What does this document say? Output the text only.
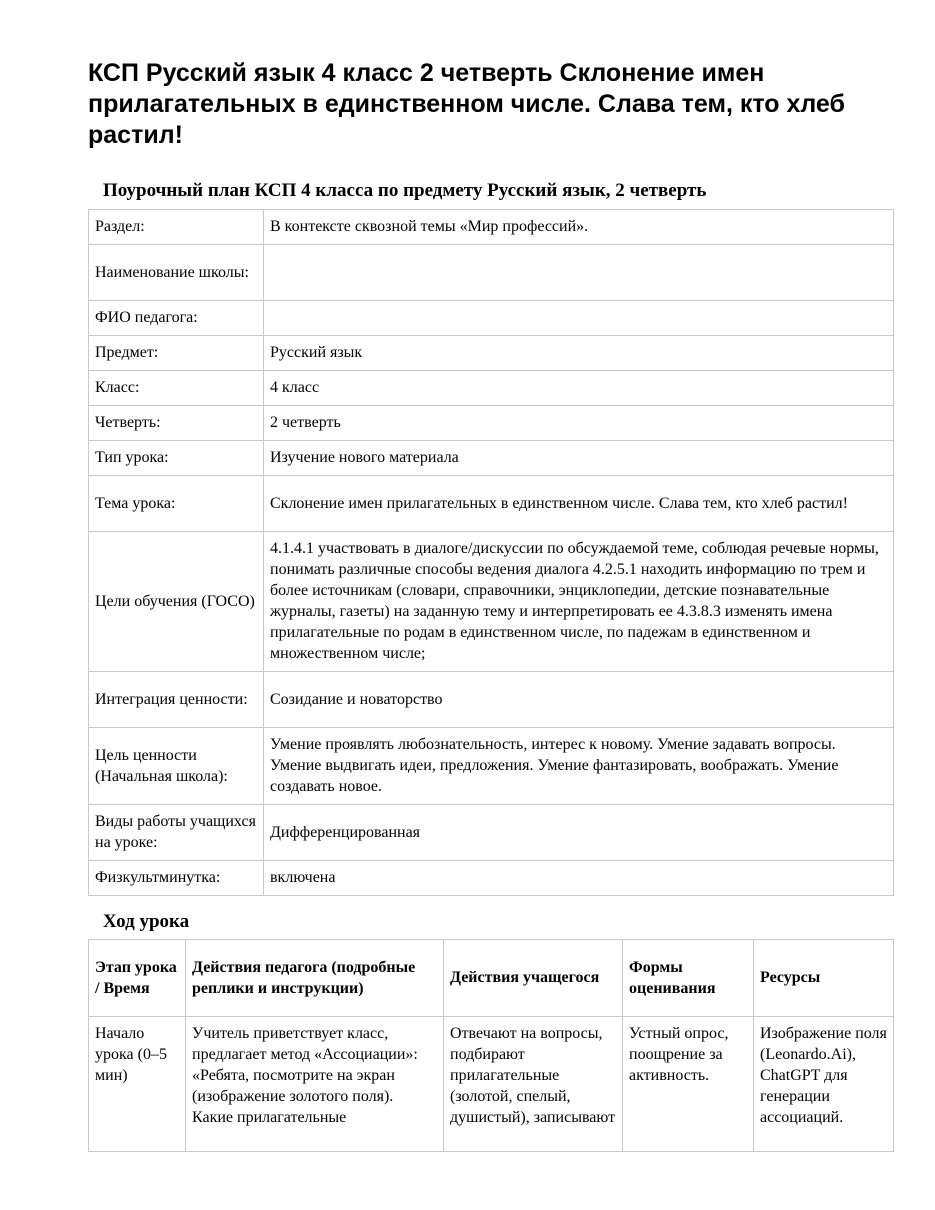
КСП Русский язык 4 класс 2 четверть Склонение имен прилагательных в единственном числе. Слава тем, кто хлеб растил!
Поурочный план КСП 4 класса по предмету Русский язык, 2 четверть
Раздел:	В контексте сквозной темы «Мир профессий».
Наименование школы:	
ФИО педагога:	
Предмет:	Русский язык
Класс:	4 класс
Четверть:	2 четверть
Тип урока:	Изучение нового материала
Тема урока:	Склонение имен прилагательных в единственном числе. Слава тем, кто хлеб растил!
Цели обучения (ГОСО)	4.1.4.1 участвовать в диалоге/дискуссии по обсуждаемой теме, соблюдая речевые нормы, понимать различные способы ведения диалога 4.2.5.1 находить информацию по трем и более источникам (словари, справочники, энциклопедии, детские познавательные журналы, газеты) на заданную тему и интерпретировать ее 4.3.8.3 изменять имена прилагательные по родам в единственном числе, по падежам в единственном и множественном числе;
Интеграция ценности:	Созидание и новаторство
Цель ценности (Начальная школа):	Умение проявлять любознательность, интерес к новому. Умение задавать вопросы. Умение выдвигать идеи, предложения. Умение фантазировать, воображать. Умение создавать новое.
Виды работы учащихся на уроке:	Дифференцированная
Физкультминутка:	включена
Ход урока
Этап урока / Время	Действия педагога (подробные реплики и инструкции)	Действия учащегося	Формы оценивания	Ресурсы

Начало урока (0–5 мин)	Учитель приветствует класс, предлагает метод «Ассоциации»: «Ребята, посмотрите на экран (изображение золотого поля). Какие прилагательные	Отвечают на вопросы, подбирают прилагательные (золотой, спелый, душистый), записывают	Устный опрос, поощрение за активность.	Изображение поля (Leonardo.Ai), ChatGPT для генерации ассоциаций.
